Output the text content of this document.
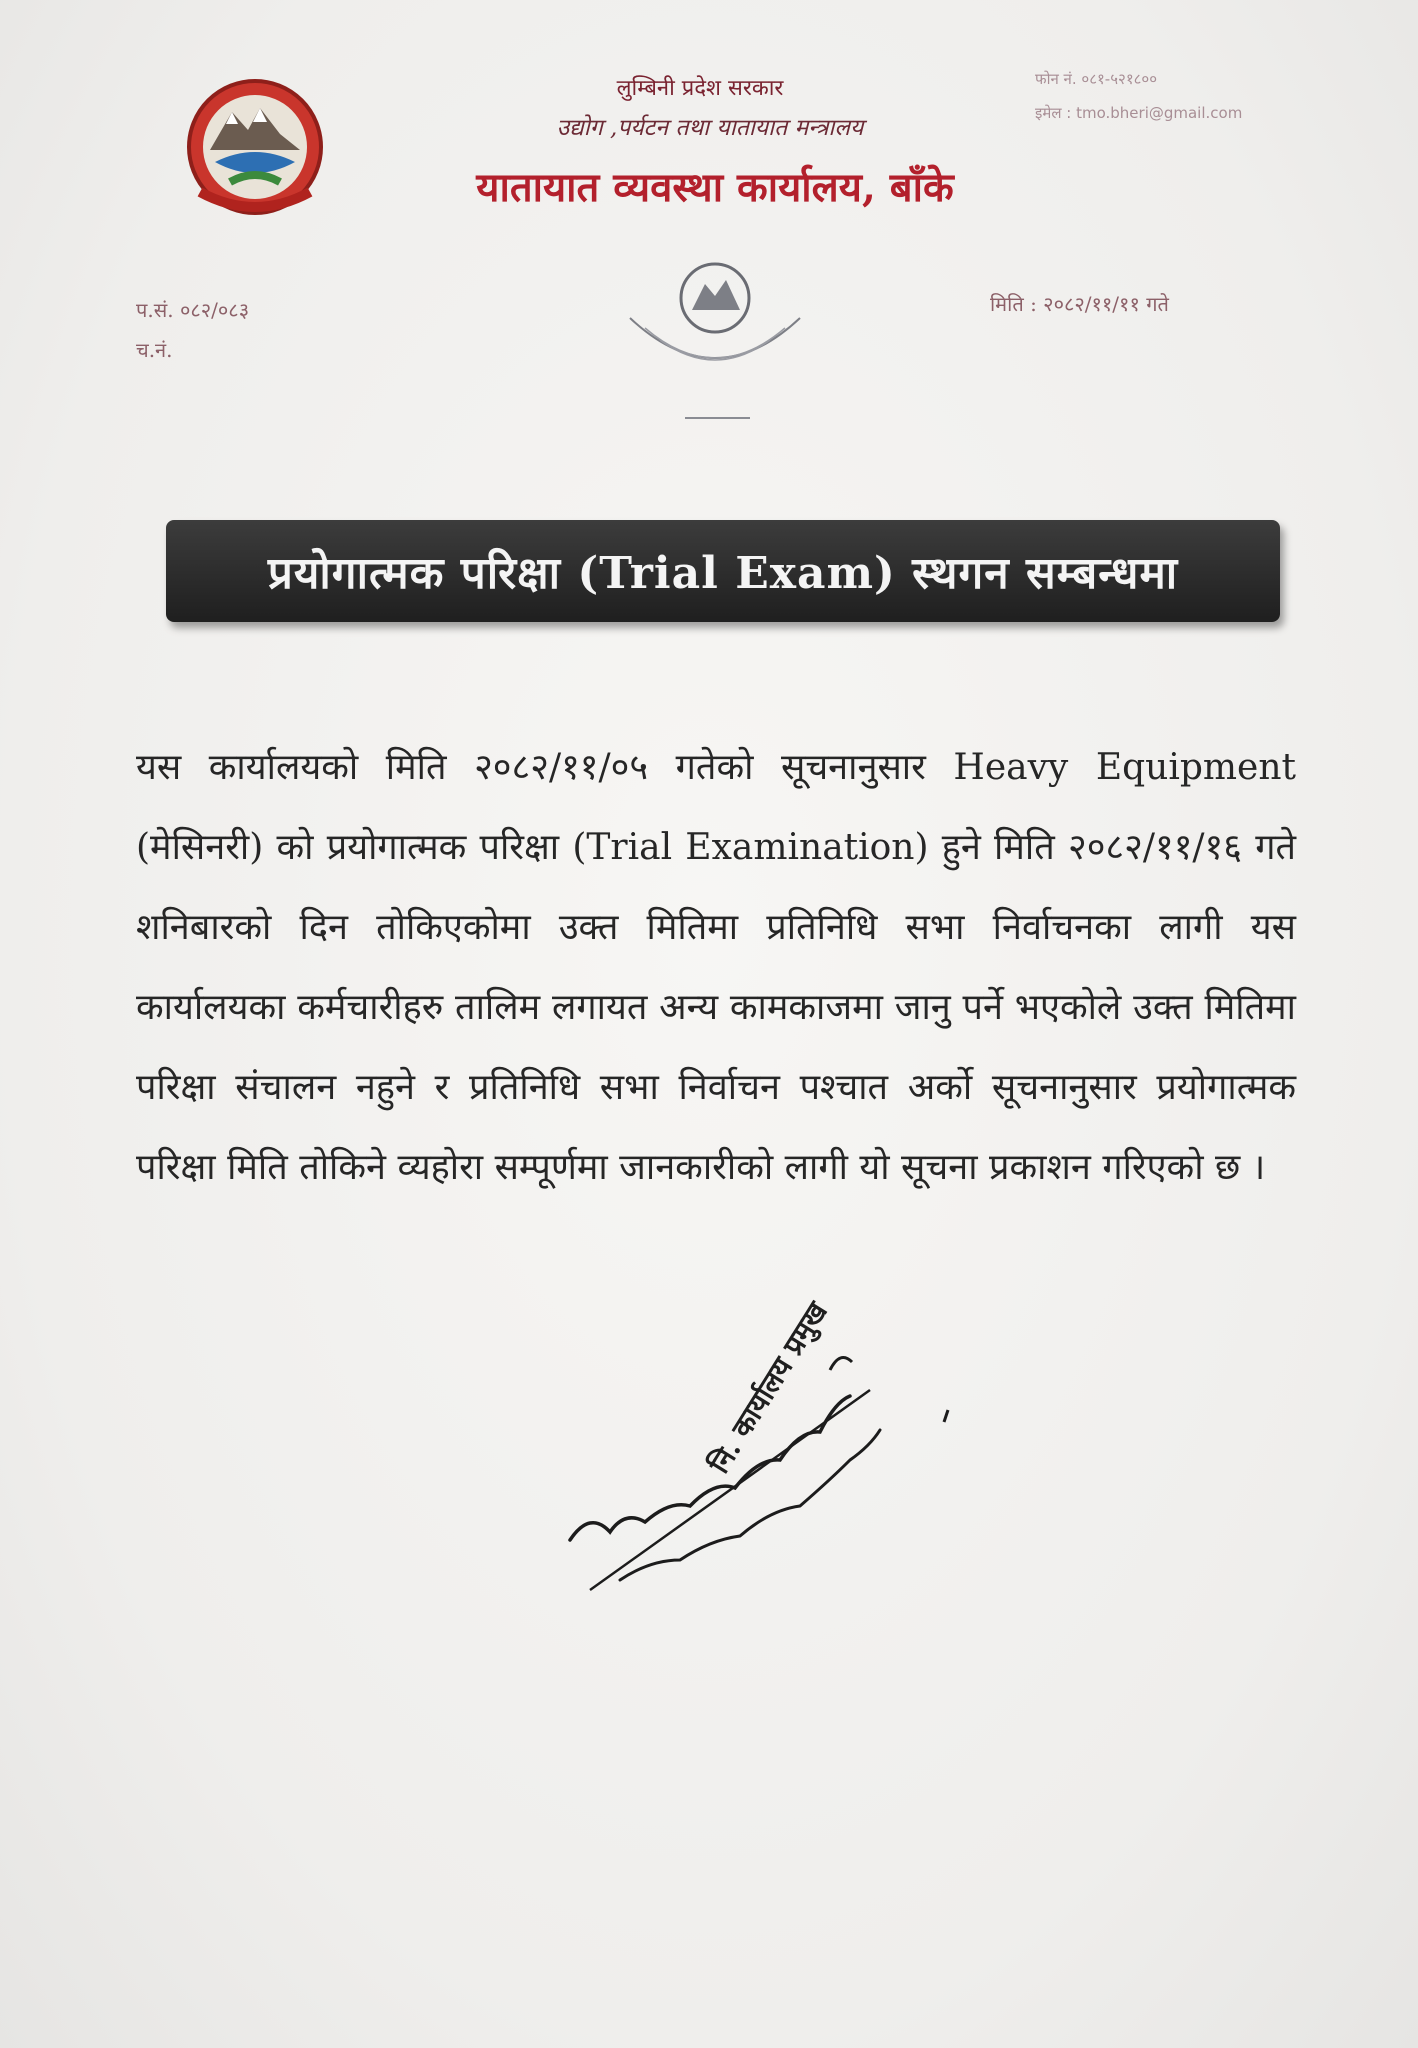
लुम्बिनी प्रदेश सरकार
उद्योग ,पर्यटन तथा यातायात मन्त्रालय
यातायात व्यवस्था कार्यालय, बाँके
फोन नं. ०८१-५२१८००
इमेल : tmo.bheri@gmail.com
प.सं. ०८२/०८३
च.नं.
मिति : २०८२/११/११ गते
प्रयोगात्मक परिक्षा (Trial Exam) स्थगन सम्बन्धमा

यस कार्यालयको मिति २०८२/११/०५ गतेको सूचनानुसार Heavy Equipment (मेसिनरी) को प्रयोगात्मक परिक्षा (Trial Examination) हुने मिति २०८२/११/१६ गते शनिबारको दिन तोकिएकोमा उक्त मितिमा प्रतिनिधि सभा निर्वाचनका लागी यस कार्यालयका कर्मचारीहरु तालिम लगायत अन्य कामकाजमा जानु पर्ने भएकोले उक्त मितिमा परिक्षा संचालन नहुने र प्रतिनिधि सभा निर्वाचन पश्चात अर्को सूचनानुसार प्रयोगात्मक परिक्षा मिति तोकिने व्यहोरा सम्पूर्णमा जानकारीको लागी यो सूचना प्रकाशन गरिएको छ ।

नि. कार्यालय प्रमुख
